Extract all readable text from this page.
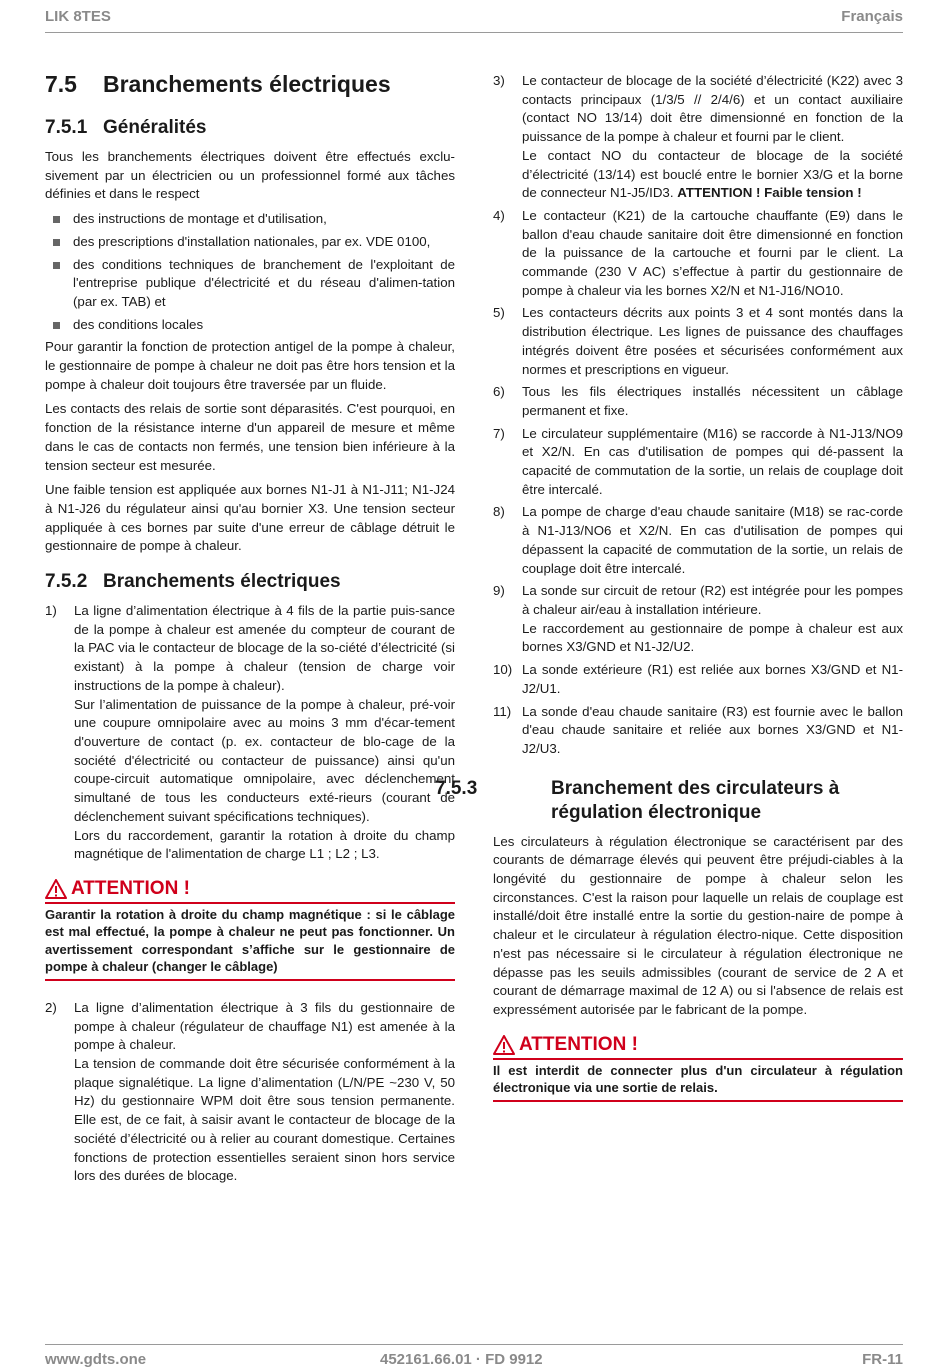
LIK 8TES	Français
7.5 Branchements électriques
7.5.1 Généralités

Tous les branchements électriques doivent être effectués exclu-sivement par un électricien ou un professionnel formé aux tâches définies et dans le respect

des instructions de montage et d'utilisation,
des prescriptions d'installation nationales, par ex. VDE 0100,
des conditions techniques de branchement de l'exploitant de l'entreprise publique d'électricité et du réseau d'alimen-tation (par ex. TAB) et
des conditions locales

Pour garantir la fonction de protection antigel de la pompe à chaleur, le gestionnaire de pompe à chaleur ne doit pas être hors tension et la pompe à chaleur doit toujours être traversée par un fluide.

Les contacts des relais de sortie sont déparasités. C'est pourquoi, en fonction de la résistance interne d'un appareil de mesure et même dans le cas de contacts non fermés, une tension bien inférieure à la tension secteur est mesurée.

Une faible tension est appliquée aux bornes N1-J1 à N1-J11; N1-J24 à N1-J26 du régulateur ainsi qu'au bornier X3. Une tension secteur appliquée à ces bornes par suite d'une erreur de câblage détruit le gestionnaire de pompe à chaleur.

7.5.2 Branchements électriques
1) La ligne d’alimentation électrique à 4 fils de la partie puis-sance de la pompe à chaleur est amenée du compteur de courant de la PAC via le contacteur de blocage de la so-ciété d’électricité (si existant) à la pompe à chaleur (tension de charge voir instructions de la pompe à chaleur).
Sur l’alimentation de puissance de la pompe à chaleur, pré-voir une coupure omnipolaire avec au moins 3 mm d'écar-tement d'ouverture de contact (p. ex. contacteur de blo-cage de la société d'électricité ou contacteur de puissance) ainsi qu'un coupe-circuit automatique omnipolaire, avec déclenchement simultané de tous les conducteurs exté-rieurs (courant de déclenchement suivant spécifications techniques).
Lors du raccordement, garantir la rotation à droite du champ magnétique de l'alimentation de charge L1 ; L2 ; L3.
ATTENTION !
Garantir la rotation à droite du champ magnétique : si le câblage est mal effectué, la pompe à chaleur ne peut pas fonctionner. Un avertissement correspondant s’affiche sur le gestionnaire de pompe à chaleur (changer le câblage)
2) La ligne d’alimentation électrique à 3 fils du gestionnaire de pompe à chaleur (régulateur de chauffage N1) est amenée à la pompe à chaleur.
La tension de commande doit être sécurisée conformément à la plaque signalétique. La ligne d’alimentation (L/N/PE ~230 V, 50 Hz) du gestionnaire WPM doit être sous tension permanente. Elle est, de ce fait, à saisir avant le contacteur de blocage de la société d’électricité ou à relier au courant domestique. Certaines fonctions de protection essentielles seraient sinon hors service lors des durées de blocage.
3) Le contacteur de blocage de la société d’électricité (K22) avec 3 contacts principaux (1/3/5 // 2/4/6) et un contact auxiliaire (contact NO 13/14) doit être dimensionné en fonction de la puissance de la pompe à chaleur et fourni par le client.
Le contact NO du contacteur de blocage de la société d’électricité (13/14) est bouclé entre le bornier X3/G et la borne de connecteur N1-J5/ID3. ATTENTION ! Faible tension !
4) Le contacteur (K21) de la cartouche chauffante (E9) dans le ballon d'eau chaude sanitaire doit être dimensionné en fonction de la puissance de la cartouche et fourni par le client. La commande (230 V AC) s’effectue à partir du gestionnaire de pompe à chaleur via les bornes X2/N et N1-J16/NO10.
5) Les contacteurs décrits aux points 3 et 4 sont montés dans la distribution électrique. Les lignes de puissance des chauffages intégrés doivent être posées et sécurisées conformément aux normes et prescriptions en vigueur.
6) Tous les fils électriques installés nécessitent un câblage permanent et fixe.
7) Le circulateur supplémentaire (M16) se raccorde à N1-J13/NO9 et X2/N. En cas d'utilisation de pompes qui dé-passent la capacité de commutation de la sortie, un relais de couplage doit être intercalé.
8) La pompe de charge d'eau chaude sanitaire (M18) se rac-corde à N1-J13/NO6 et X2/N. En cas d'utilisation de pompes qui dépassent la capacité de commutation de la sortie, un relais de couplage doit être intercalé.
9) La sonde sur circuit de retour (R2) est intégrée pour les pompes à chaleur air/eau à installation intérieure.
Le raccordement au gestionnaire de pompe à chaleur est aux bornes X3/GND et N1-J2/U2.
10) La sonde extérieure (R1) est reliée aux bornes X3/GND et N1-J2/U1.
11) La sonde d'eau chaude sanitaire (R3) est fournie avec le ballon d'eau chaude sanitaire et reliée aux bornes X3/GND et N1-J2/U3.
7.5.3	Branchement des circulateurs à régulation électronique

Les circulateurs à régulation électronique se caractérisent par des courants de démarrage élevés qui peuvent être préjudi-ciables à la longévité du gestionnaire de pompe à chaleur selon les circonstances. C'est la raison pour laquelle un relais de couplage est installé/doit être installé entre la sortie du gestion-naire de pompe à chaleur et le circulateur à régulation électro-nique. Cette disposition n'est pas nécessaire si le circulateur à régulation électronique ne dépasse pas les seuils admissibles (courant de service de 2 A et courant de démarrage maximal de 12 A) ou si l'absence de relais est expressément autorisée par le fabricant de la pompe.

ATTENTION !
Il est interdit de connecter plus d'un circulateur à régulation électronique via une sortie de relais.
www.gdts.one	452161.66.01 · FD 9912	FR-11
